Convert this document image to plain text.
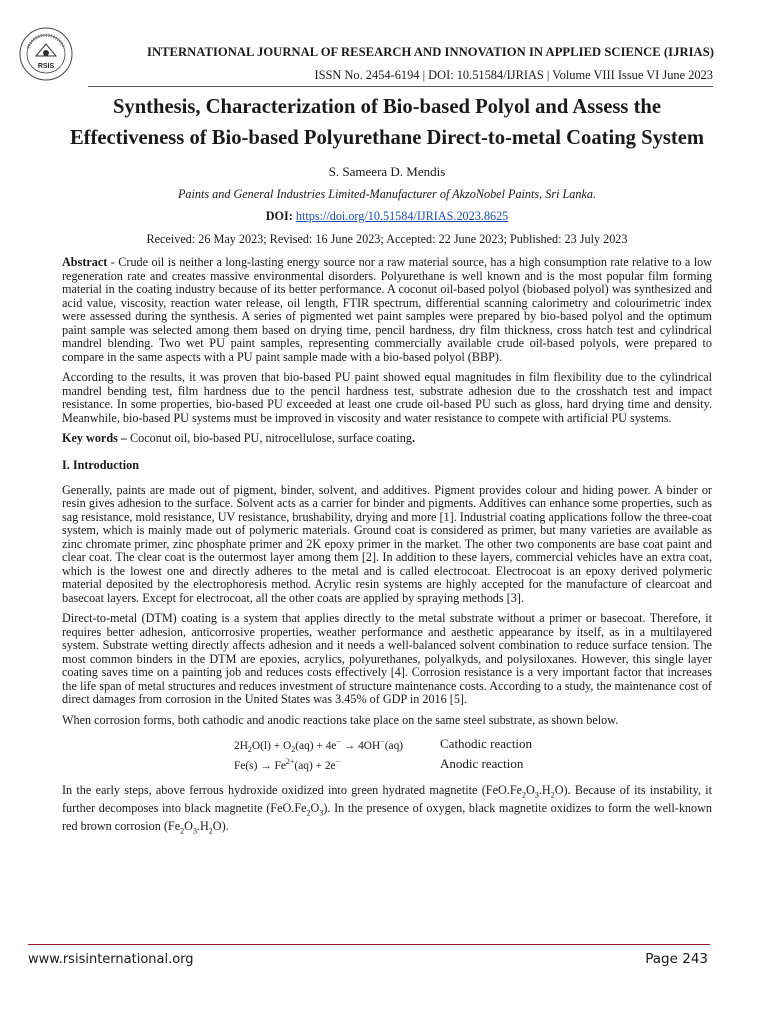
RSIS
INTERNATIONAL JOURNAL OF RESEARCH AND INNOVATION IN APPLIED SCIENCE (IJRIAS)
ISSN No. 2454-6194 | DOI: 10.51584/IJRIAS | Volume VIII Issue VI June 2023
Synthesis, Characterization of Bio-based Polyol and Assess the Effectiveness of Bio-based Polyurethane Direct-to-metal Coating System
S. Sameera D. Mendis
Paints and General Industries Limited-Manufacturer of AkzoNobel Paints, Sri Lanka.
DOI: https://doi.org/10.51584/IJRIAS.2023.8625
Received: 26 May 2023; Revised: 16 June 2023; Accepted: 22 June 2023; Published: 23 July 2023

Abstract - Crude oil is neither a long-lasting energy source nor a raw material source, has a high consumption rate relative to a low regeneration rate and creates massive environmental disorders. Polyurethane is well known and is the most popular film forming material in the coating industry because of its better performance. A coconut oil-based polyol (biobased polyol) was synthesized and acid value, viscosity, reaction water release, oil length, FTIR spectrum, differential scanning calorimetry and colourimetric index were assessed during the synthesis. A series of pigmented wet paint samples were prepared by bio-based polyol and the optimum paint sample was selected among them based on drying time, pencil hardness, dry film thickness, cross hatch test and cylindrical mandrel blending. Two wet PU paint samples, representing commercially available crude oil-based polyols, were prepared to compare in the same aspects with a PU paint sample made with a bio-based polyol (BBP).

According to the results, it was proven that bio-based PU paint showed equal magnitudes in film flexibility due to the cylindrical mandrel bending test, film hardness due to the pencil hardness test, substrate adhesion due to the crosshatch test and impact resistance. In some properties, bio-based PU exceeded at least one crude oil-based PU such as gloss, hard drying time and density. Meanwhile, bio-based PU systems must be improved in viscosity and water resistance to compete with artificial PU systems.

Key words – Coconut oil, bio-based PU, nitrocellulose, surface coating.

I. Introduction

Generally, paints are made out of pigment, binder, solvent, and additives. Pigment provides colour and hiding power. A binder or resin gives adhesion to the surface. Solvent acts as a carrier for binder and pigments. Additives can enhance some properties, such as sag resistance, mold resistance, UV resistance, brushability, drying and more [1]. Industrial coating applications follow the three-coat system, which is mainly made out of polymeric materials. Ground coat is considered as primer, but many varieties are available as zinc chromate primer, zinc phosphate primer and 2K epoxy primer in the market. The other two components are base coat paint and clear coat. The clear coat is the outermost layer among them [2]. In addition to these layers, commercial vehicles have an extra coat, which is the lowest one and directly adheres to the metal and is called electrocoat. Electrocoat is an epoxy derived polymeric material deposited by the electrophoresis method. Acrylic resin systems are highly accepted for the manufacture of clearcoat and basecoat layers. Except for electrocoat, all the other coats are applied by spraying methods [3].

Direct-to-metal (DTM) coating is a system that applies directly to the metal substrate without a primer or basecoat. Therefore, it requires better adhesion, anticorrosive properties, weather performance and aesthetic appearance by itself, as in a multilayered system. Substrate wetting directly affects adhesion and it needs a well-balanced solvent combination to reduce surface tension. The most common binders in the DTM are epoxies, acrylics, polyurethanes, polyalkyds, and polysiloxanes. However, this single layer coating saves time on a painting job and reduces costs effectively [4]. Corrosion resistance is a very important factor that increases the life span of metal structures and reduces investment of structure maintenance costs. According to a study, the maintenance cost of direct damages from corrosion in the United States was 3.45% of GDP in 2016 [5].

When corrosion forms, both cathodic and anodic reactions take place on the same steel substrate, as shown below.

$2H_2O(l) + O_2(aq) + 4e^- \to 4OH^-(aq)$	Cathodic reaction
$Fe(s) \to Fe^{2+}(aq) + 2e^-$	Anodic reaction

In the early steps, above ferrous hydroxide oxidized into green hydrated magnetite $(FeO.Fe_2O_3.H_2O)$. Because of its instability, it further decomposes into black magnetite $(FeO.Fe_2O_3)$. In the presence of oxygen, black magnetite oxidizes to form the well-known red brown corrosion $(Fe_2O_3.H_2O)$.

www.rsisinternational.org	Page 243
